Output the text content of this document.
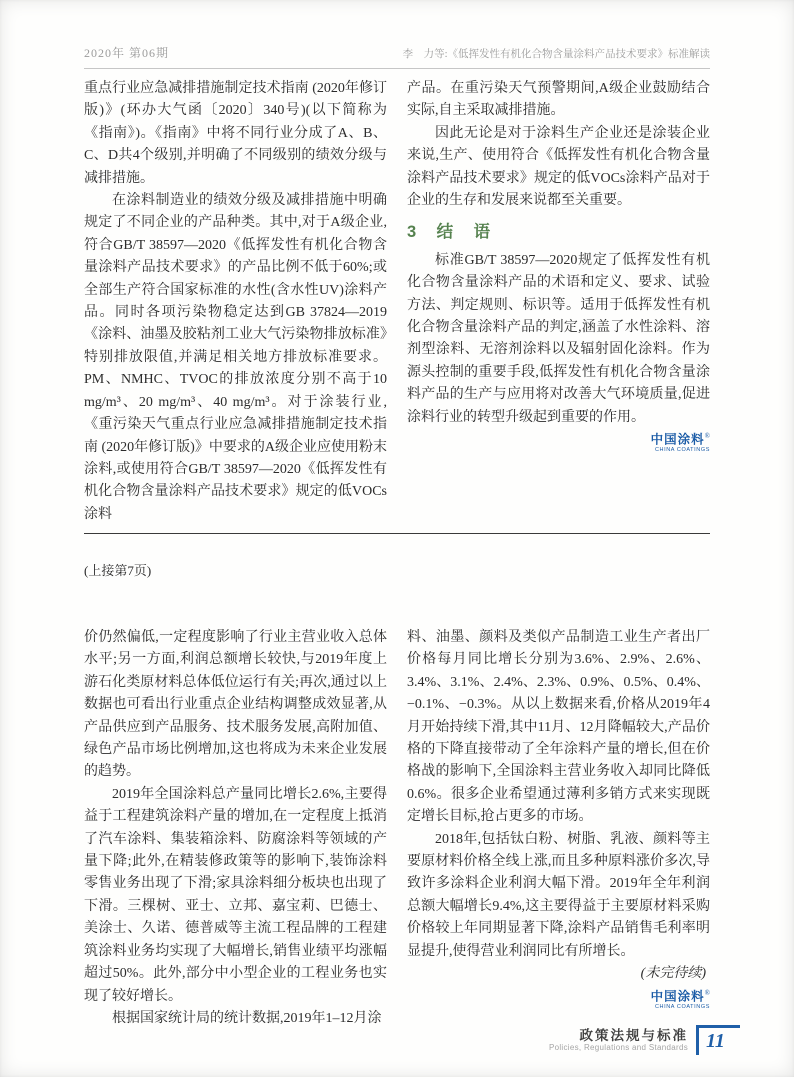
2020年 第06期	李　力等:《低挥发性有机化合物含量涂料产品技术要求》标准解读

重点行业应急减排措施制定技术指南 (2020年修订版)》(环办大气函〔2020〕340号)(以下简称为《指南》)。《指南》中将不同行业分成了A、B、C、D共4个级别,并明确了不同级别的绩效分级与减排措施。

在涂料制造业的绩效分级及减排措施中明确规定了不同企业的产品种类。其中,对于A级企业,符合GB/T 38597—2020《低挥发性有机化合物含量涂料产品技术要求》的产品比例不低于60%;或全部生产符合国家标准的水性(含水性UV)涂料产品。同时各项污染物稳定达到GB 37824—2019《涂料、油墨及胶粘剂工业大气污染物排放标准》特别排放限值,并满足相关地方排放标准要求。PM、NMHC、TVOC的排放浓度分别不高于10 mg/m³、20 mg/m³、40 mg/m³。对于涂装行业,《重污染天气重点行业应急减排措施制定技术指南 (2020年修订版)》中要求的A级企业应使用粉末涂料,或使用符合GB/T 38597—2020《低挥发性有机化合物含量涂料产品技术要求》规定的低VOCs涂料

产品。在重污染天气预警期间,A级企业鼓励结合实际,自主采取减排措施。

因此无论是对于涂料生产企业还是涂装企业来说,生产、使用符合《低挥发性有机化合物含量涂料产品技术要求》规定的低VOCs涂料产品对于企业的生存和发展来说都至关重要。

3　结　语

标准GB/T 38597—2020规定了低挥发性有机化合物含量涂料产品的术语和定义、要求、试验方法、判定规则、标识等。适用于低挥发性有机化合物含量涂料产品的判定,涵盖了水性涂料、溶剂型涂料、无溶剂涂料以及辐射固化涂料。作为源头控制的重要手段,低挥发性有机化合物含量涂料产品的生产与应用将对改善大气环境质量,促进涂料行业的转型升级起到重要的作用。

中国涂料®
CHINA COATINGS
(上接第7页)

价仍然偏低,一定程度影响了行业主营业收入总体水平;另一方面,利润总额增长较快,与2019年度上游石化类原材料总体低位运行有关;再次,通过以上数据也可看出行业重点企业结构调整成效显著,从产品供应到产品服务、技术服务发展,高附加值、绿色产品市场比例增加,这也将成为未来企业发展的趋势。

2019年全国涂料总产量同比增长2.6%,主要得益于工程建筑涂料产量的增加,在一定程度上抵消了汽车涂料、集装箱涂料、防腐涂料等领域的产量下降;此外,在精装修政策等的影响下,装饰涂料零售业务出现了下滑;家具涂料细分板块也出现了下滑。三棵树、亚士、立邦、嘉宝莉、巴德士、美涂士、久诺、德普威等主流工程品牌的工程建筑涂料业务均实现了大幅增长,销售业绩平均涨幅超过50%。此外,部分中小型企业的工程业务也实现了较好增长。

根据国家统计局的统计数据,2019年1–12月涂

料、油墨、颜料及类似产品制造工业生产者出厂价格每月同比增长分别为3.6%、2.9%、2.6%、3.4%、3.1%、2.4%、2.3%、0.9%、0.5%、0.4%、−0.1%、−0.3%。从以上数据来看,价格从2019年4月开始持续下滑,其中11月、12月降幅较大,产品价格的下降直接带动了全年涂料产量的增长,但在价格战的影响下,全国涂料主营业务收入却同比降低0.6%。很多企业希望通过薄利多销方式来实现既定增长目标,抢占更多的市场。

2018年,包括钛白粉、树脂、乳液、颜料等主要原材料价格全线上涨,而且多种原料涨价多次,导致许多涂料企业利润大幅下滑。2019年全年利润总额大幅增长9.4%,这主要得益于主要原材料采购价格较上年同期显著下降,涂料产品销售毛利率明显提升,使得营业利润同比有所增长。

(未完待续)

中国涂料®
CHINA COATINGS
政策法规与标准
Policies, Regulations and Standards 11
